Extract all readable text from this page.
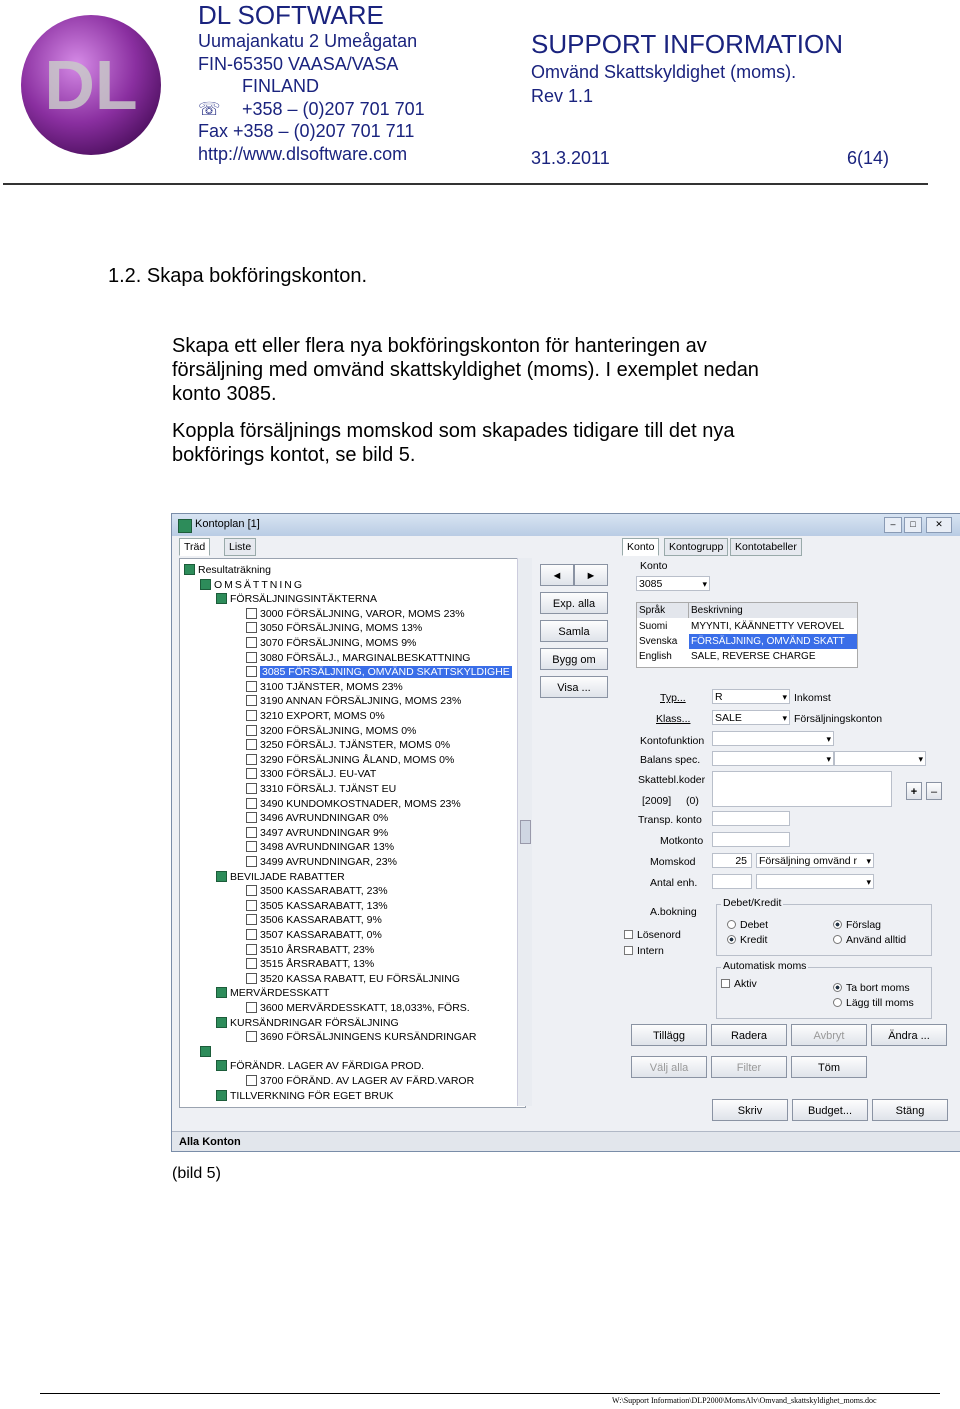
DL
DL SOFTWARE
Uumajankatu 2 Umeågatan
FIN-65350 VAASA/VASA
FINLAND
☏ +358 – (0)207 701 701
Fax +358 – (0)207 701 711
http://www.dlsoftware.com
SUPPORT INFORMATION
Omvänd Skattskyldighet (moms).
Rev 1.1
31.3.2011	6(14)
1.2. Skapa bokföringskonton.
Skapa ett eller flera nya bokföringskonton för hanteringen av försäljning med omvänd skattskyldighet (moms). I exemplet nedan konto 3085.
Koppla försäljnings momskod som skapades tidigare till det nya bokförings kontot, se bild 5.
Kontoplan [1]	–	□	✕
Träd	Liste
Resultaträkning
OMSÄTTNING
FÖRSÄLJNINGSINTÄKTERNA
3000 FÖRSÄLJNING, VAROR, MOMS 23%
3050 FÖRSÄLJNING, MOMS 13%
3070 FÖRSÄLJNING, MOMS 9%
3080 FÖRSÄLJ., MARGINALBESKATTNING
3085 FÖRSÄLJNING, OMVÄND SKATTSKYLDIGHE
3100 TJÄNSTER, MOMS 23%
3190 ANNAN FÖRSÄLJNING, MOMS 23%
3210 EXPORT, MOMS 0%
3200 FÖRSÄLJNING, MOMS 0%
3250 FÖRSÄLJ. TJÄNSTER, MOMS 0%
3290 FÖRSÄLJNING ÅLAND, MOMS 0%
3300 FÖRSÄLJ. EU-VAT
3310 FÖRSÄLJ. TJÄNST EU
3490 KUNDOMKOSTNADER, MOMS 23%
3496 AVRUNDNINGAR 0%
3497 AVRUNDNINGAR 9%
3498 AVRUNDNINGAR 13%
3499 AVRUNDNINGAR, 23%
BEVILJADE RABATTER
3500 KASSARABATT, 23%
3505 KASSARABATT, 13%
3506 KASSARABATT, 9%
3507 KASSARABATT, 0%
3510 ÅRSRABATT, 23%
3515 ÅRSRABATT, 13%
3520 KASSA RABATT, EU FÖRSÄLJNING
MERVÄRDESSKATT
3600 MERVÄRDESSKATT, 18,033%, FÖRS.
KURSÄNDRINGAR FÖRSÄLJNING
3690 FÖRSÄLJNINGENS KURSÄNDRINGAR
FÖRÄNDR. LAGER AV FÄRDIGA PROD.
3700 FÖRÄND. AV LAGER AV FÄRD.VAROR
TILLVERKNING FÖR EGET BRUK
◄	►
Exp. alla
Samla
Bygg om
Visa ...
Konto	Kontogrupp	Kontotabeller
Konto
3085 ▾
Språk	Beskrivning
Suomi	MYYNTI, KÄÄNNETTY VEROVEL
Svenska	FÖRSÄLJNING, OMVÄND SKATT
English	SALE, REVERSE CHARGE
Typ...	R ▾	Inkomst
Klass... SALE ▾	Försäljningskonton
Kontofunktion
▾
Balans spec.
▾
▾
Skattebl.koder
[2009] (0)
+	–
Transp. konto
Motkonto
Momskod	25	Försäljning omvänd r ▾
Antal enh.
▾
A.bokning
Lösenord
Intern
Debet/Kredit
Debet
Kredit
Förslag
Använd alltid
Automatisk moms
Aktiv	Ta bort moms
Lägg till moms
Tillägg	Radera	Avbryt	Ändra ...
Välj alla	Filter	Töm
Skriv	Budget...	Stäng
Alla Konton
(bild 5)
W:\Support Information\DLP2000\MomsAlv\Omvand_skattskyldighet_moms.doc
